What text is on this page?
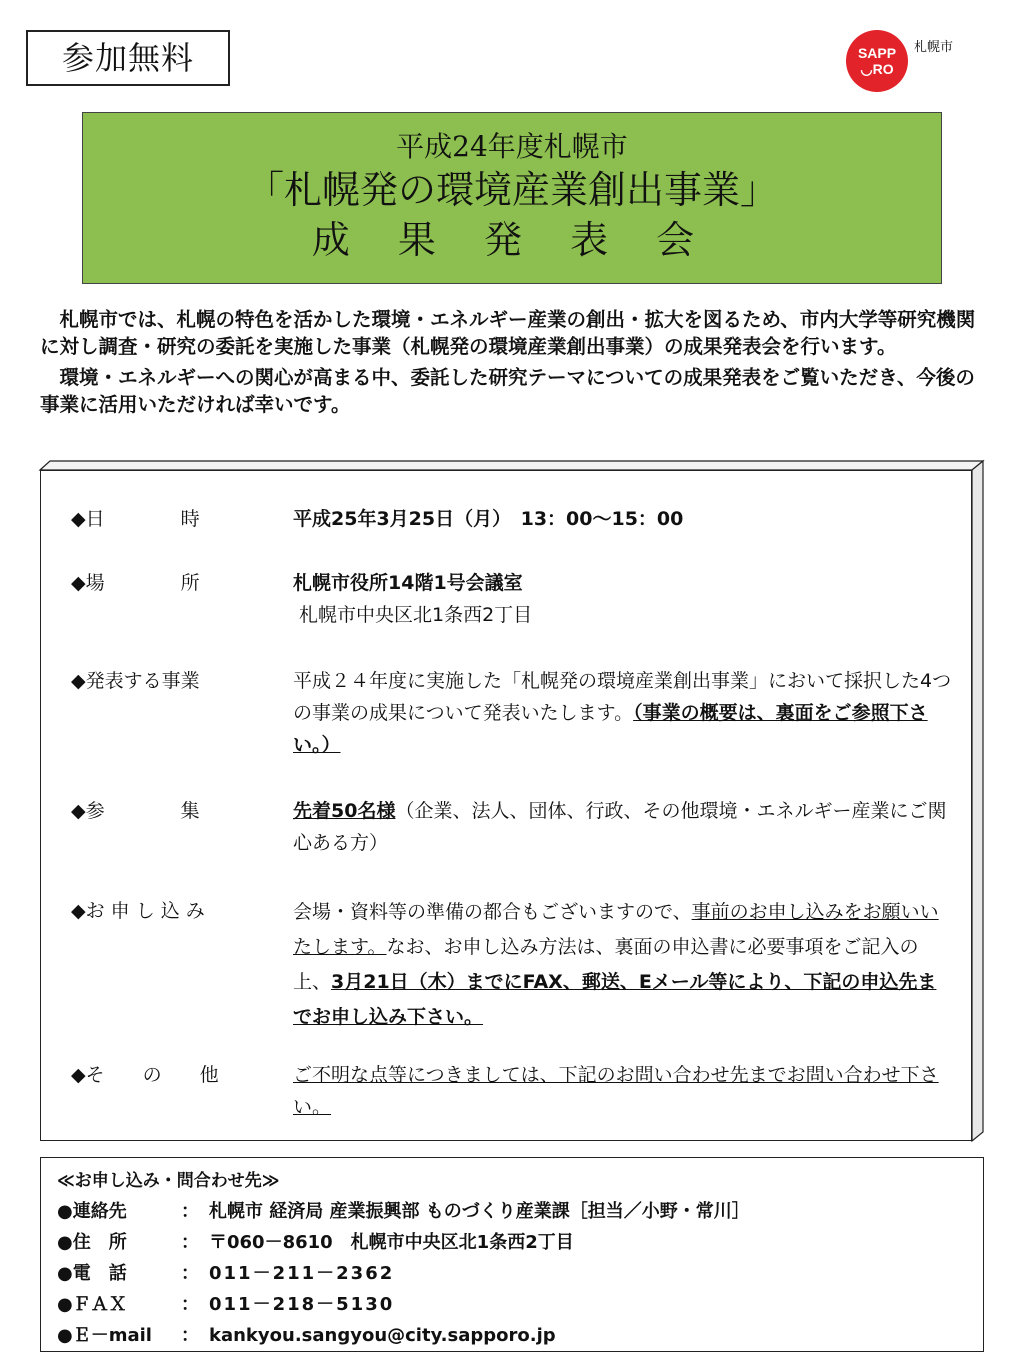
参加無料	SAPP
◡RO
札幌市
平成24年度札幌市
「札幌発の環境産業創出事業」
成 果 発 表 会

札幌市では、札幌の特色を活かした環境・エネルギー産業の創出・拡大を図るため、市内大学等研究機関に対し調査・研究の委託を実施した事業（札幌発の環境産業創出事業）の成果発表会を行います。

環境・エネルギーへの関心が高まる中、委託した研究テーマについての成果発表をご覧いただき、今後の事業に活用いただければ幸いです。

◆日　　　　時	平成25年3月25日（月）　13：00～15：00
◆場　　　　所	札幌市役所14階1号会議室
札幌市中央区北1条西2丁目
◆発表する事業	平成２４年度に実施した「札幌発の環境産業創出事業」において採択した4つの事業の成果について発表いたします。（事業の概要は、裏面をご参照下さい。）
◆参　　　　集	先着50名様（企業、法人、団体、行政、その他環境・エネルギー産業にご関心ある方）
◆お 申 し 込 み	会場・資料等の準備の都合もございますので、事前のお申し込みをお願いいたします。なお、お申し込み方法は、裏面の申込書に必要事項をご記入の上、3月21日（木）までにFAX、郵送、Eメール等により、下記の申込先までお申し込み下さい。
◆そ　　の　　他	ご不明な点等につきましては、下記のお問い合わせ先までお問い合わせ下さい。
≪お申し込み・問合わせ先≫
●連絡先	： 札幌市 経済局 産業振興部 ものづくり産業課［担当／小野・常川］
●住　所	： 〒060－8610　札幌市中央区北1条西2丁目
●電　話	： 011－211－2362
●ＦＡＸ	： 011－218－5130
●Ｅ－mail ： kankyou.sangyou@city.sapporo.jp
